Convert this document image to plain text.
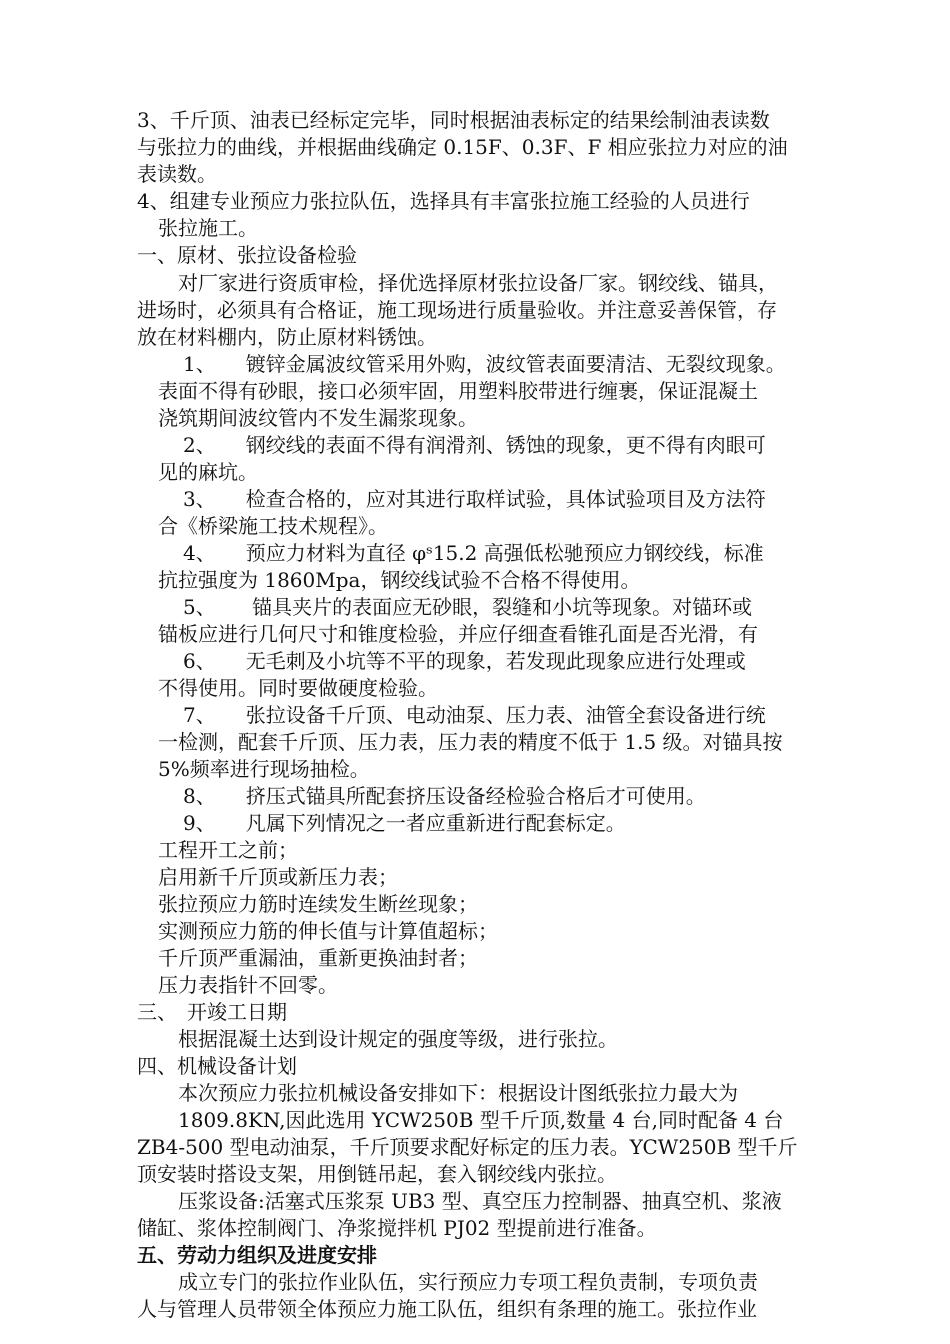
3、千斤顶、油表已经标定完毕，同时根据油表标定的结果绘制油表读数
与张拉力的曲线，并根据曲线确定 0.15F、0.3F、F 相应张拉力对应的油
表读数。
4、组建专业预应力张拉队伍，选择具有丰富张拉施工经验的人员进行
张拉施工。
一、原材、张拉设备检验
对厂家进行资质审检，择优选择原材张拉设备厂家。钢绞线、锚具，
进场时，必须具有合格证，施工现场进行质量验收。并注意妥善保管，存
放在材料棚内，防止原材料锈蚀。
1、　　镀锌金属波纹管采用外购，波纹管表面要清洁、无裂纹现象。
表面不得有砂眼，接口必须牢固，用塑料胶带进行缠裹，保证混凝土
浇筑期间波纹管内不发生漏浆现象。
2、　　钢绞线的表面不得有润滑剂、锈蚀的现象，更不得有肉眼可
见的麻坑。
3、　　检查合格的，应对其进行取样试验，具体试验项目及方法符
合《桥梁施工技术规程》。
4、　　预应力材料为直径 φˢ15.2 高强低松驰预应力钢绞线，标准
抗拉强度为 1860Mpa，钢绞线试验不合格不得使用。
5、　　 锚具夹片的表面应无砂眼，裂缝和小坑等现象。对锚环或
锚板应进行几何尺寸和锥度检验，并应仔细查看锥孔面是否光滑，有
6、　　无毛刺及小坑等不平的现象，若发现此现象应进行处理或
不得使用。同时要做硬度检验。
7、　　张拉设备千斤顶、电动油泵、压力表、油管全套设备进行统
一检测，配套千斤顶、压力表，压力表的精度不低于 1.5 级。对锚具按
5%频率进行现场抽检。
8、　　挤压式锚具所配套挤压设备经检验合格后才可使用。
9、　　凡属下列情况之一者应重新进行配套标定。
工程开工之前；
启用新千斤顶或新压力表；
张拉预应力筋时连续发生断丝现象；
实测预应力筋的伸长值与计算值超标；
千斤顶严重漏油，重新更换油封者；
压力表指针不回零。
三、　开竣工日期
根据混凝土达到设计规定的强度等级，进行张拉。
四、机械设备计划
本次预应力张拉机械设备安排如下：根据设计图纸张拉力最大为
1809.8KN,因此选用 YCW250B 型千斤顶,数量 4 台,同时配备 4 台
ZB4-500 型电动油泵，千斤顶要求配好标定的压力表。YCW250B 型千斤
顶安装时搭设支架，用倒链吊起，套入钢绞线内张拉。
压浆设备:活塞式压浆泵 UB3 型、真空压力控制器、抽真空机、浆液
储缸、浆体控制阀门、净浆搅拌机 PJ02 型提前进行准备。
五、劳动力组织及进度安排
成立专门的张拉作业队伍，实行预应力专项工程负责制，专项负责
人与管理人员带领全体预应力施工队伍，组织有条理的施工。张拉作业
